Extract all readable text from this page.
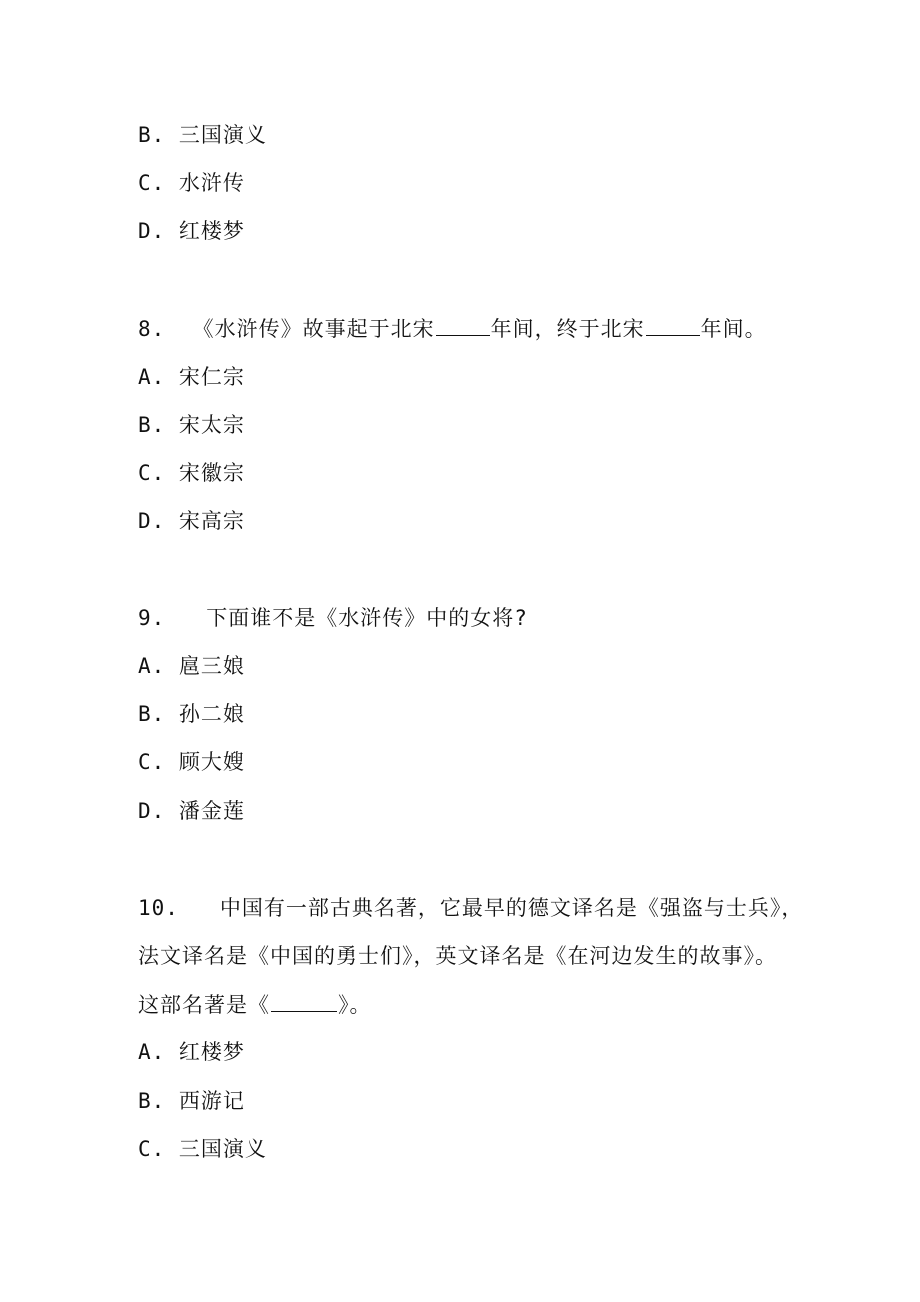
B. 三国演义
C. 水浒传
D. 红楼梦
8. 《水浒传》故事起于北宋	年间，终于北宋	年间。
A. 宋仁宗
B. 宋太宗
C. 宋徽宗
D. 宋高宗
9. 下面谁不是《水浒传》中的女将?
A. 扈三娘
B. 孙二娘
C. 顾大嫂
D. 潘金莲
10. 中国有一部古典名著，它最早的德文译名是《强盗与士兵》，
法文译名是《中国的勇士们》，英文译名是《在河边发生的故事》。
这部名著是《	》。
A. 红楼梦
B. 西游记
C. 三国演义
